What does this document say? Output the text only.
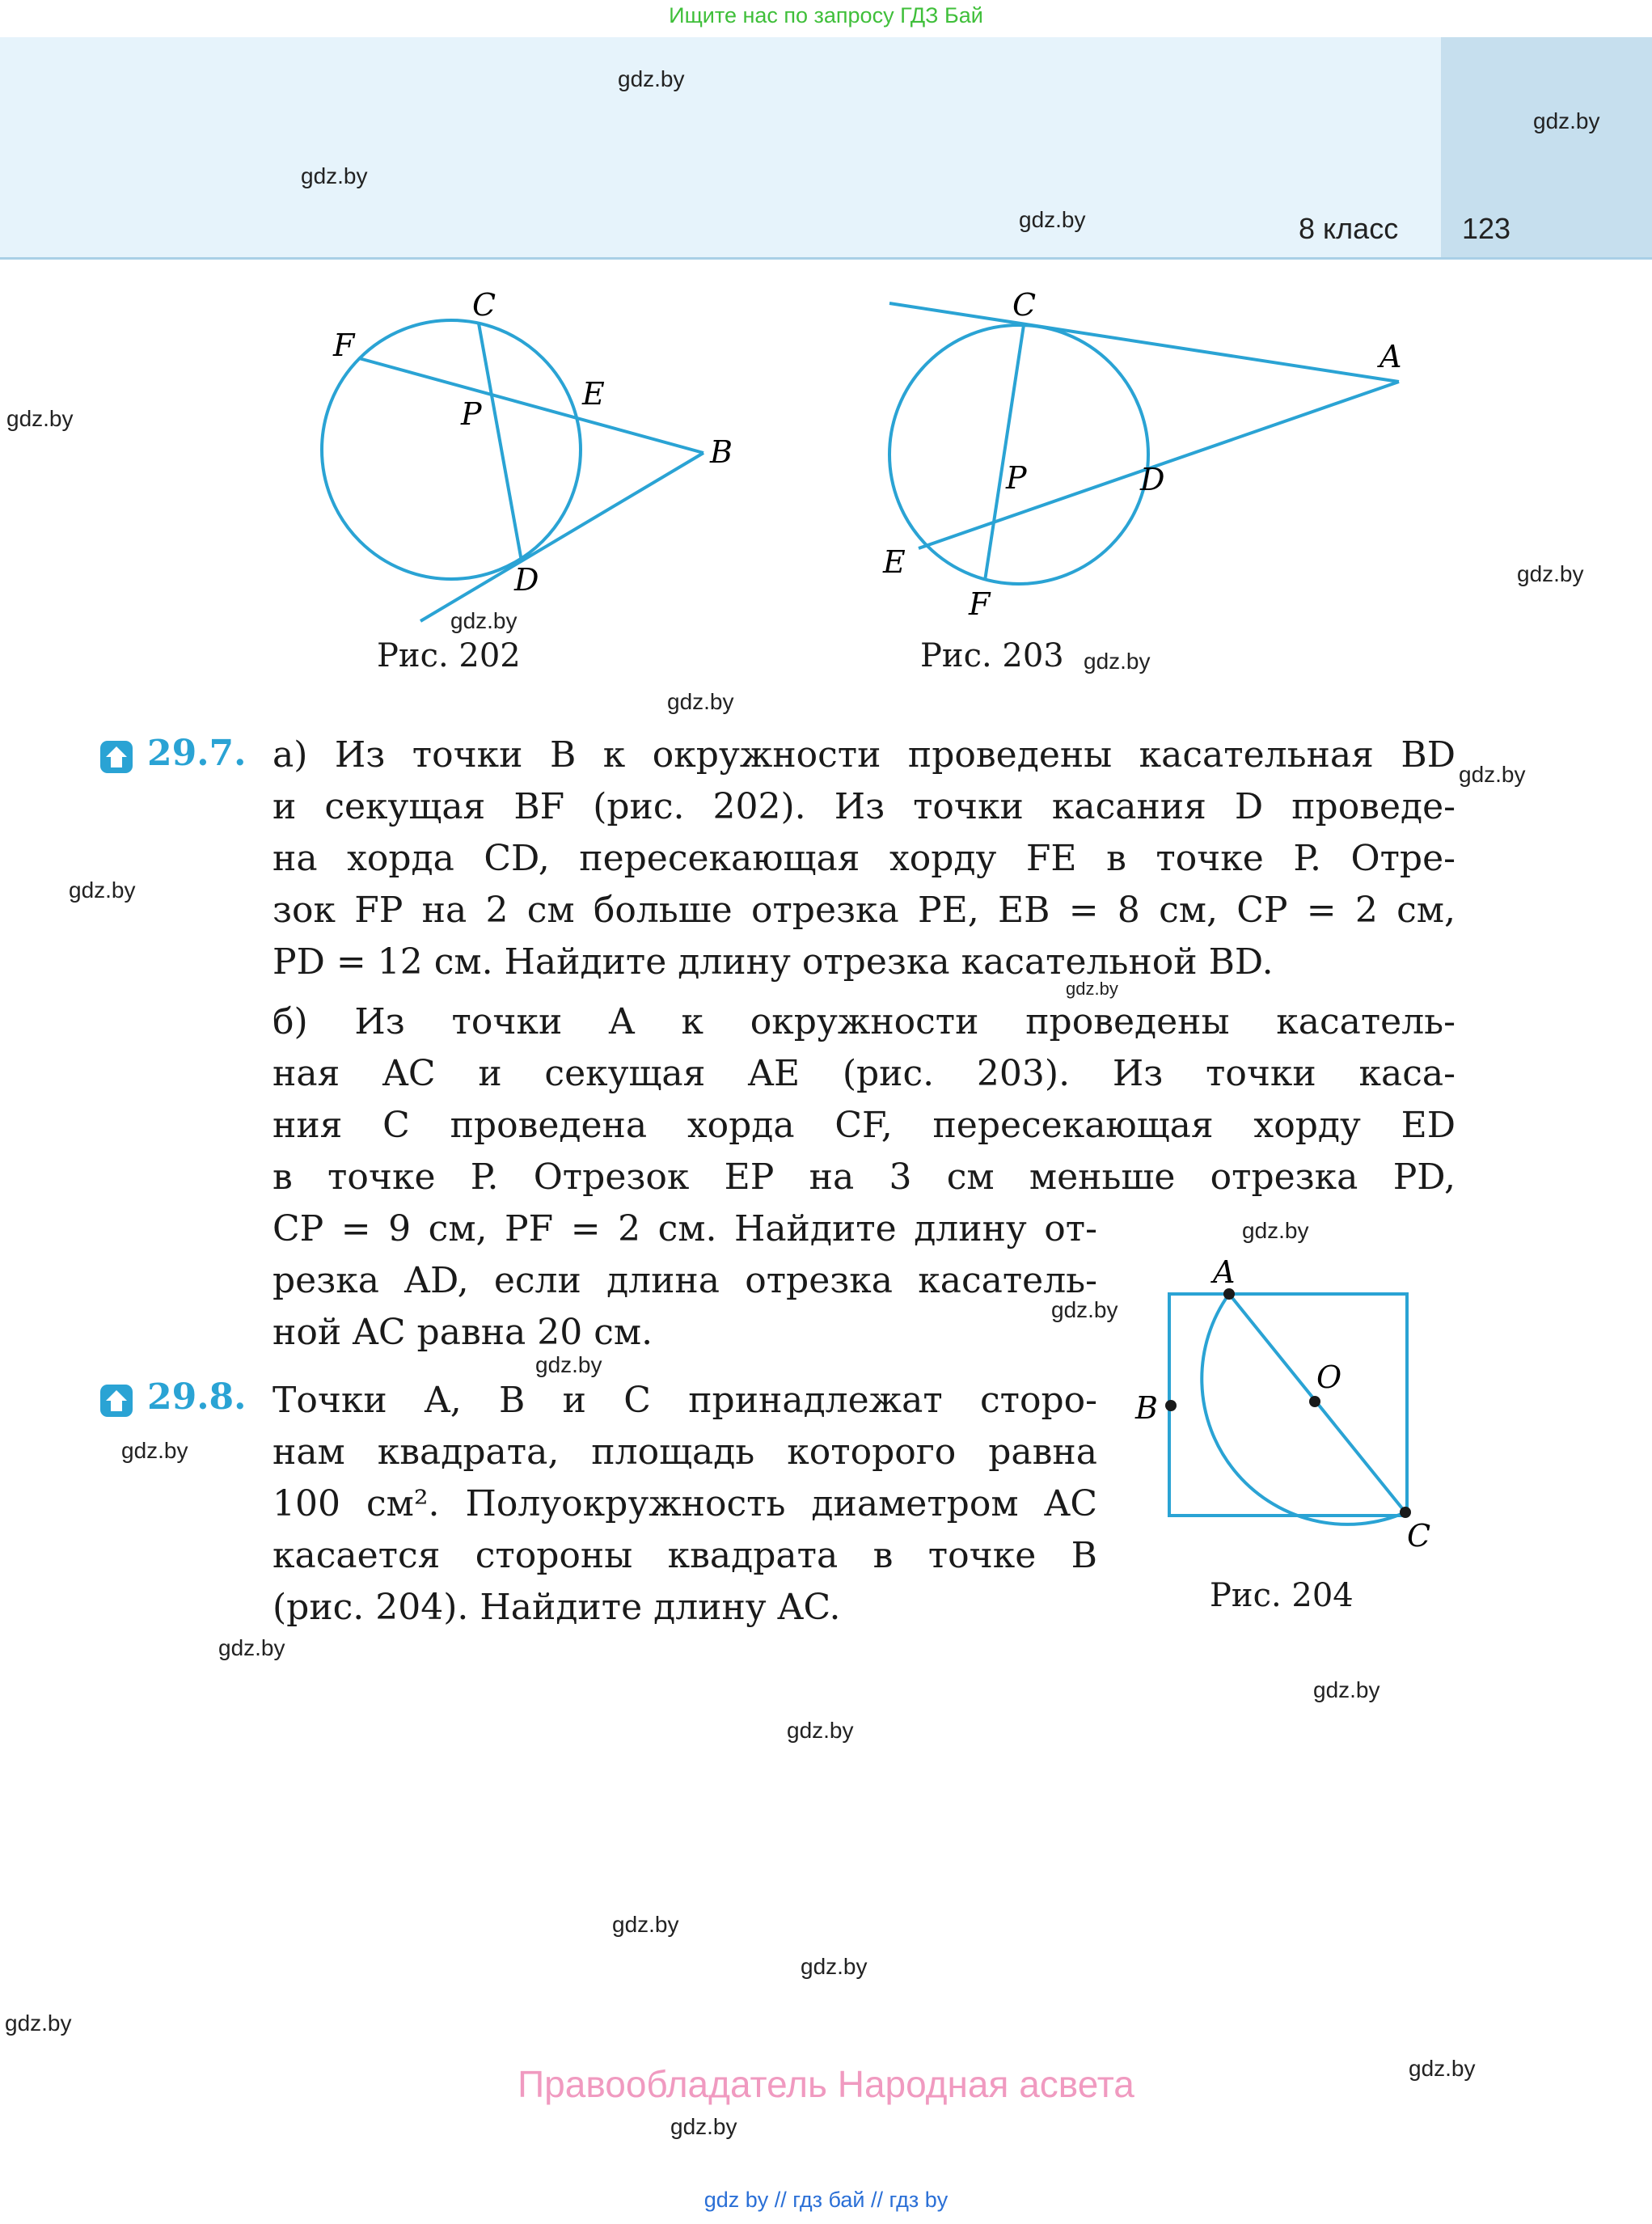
Ищите нас по запросу ГДЗ Бай
8 класс 123
gdz.by
gdz.by
gdz.by
gdz.by
gdz.by
gdz.by
gdz.by
gdz.by
gdz.by
gdz.by
gdz.by
gdz.by
gdz.by
gdz.by
gdz.by
gdz.by
gdz.by
gdz.by
gdz.by
gdz.by
gdz.by
gdz.by
gdz.by
gdz.by
F
C
E
P
B
D
Рис. 202
C
A
P	D
E
F
Рис. 203
29.7. а) Из точки B к окружности проведены касательная BD
и секущая BF (рис. 202). Из точки касания D проведе-
на хорда CD, пересекающая хорду FE в точке P. Отре-
зок FP на 2 см больше отрезка PE, EB = 8 см, CP = 2 см,
PD = 12 см. Найдите длину отрезка касательной BD.
б) Из точки A к окружности проведены касатель-
ная AC и секущая AE (рис. 203). Из точки каса-
ния C проведена хорда CF, пересекающая хорду ED
в точке P. Отрезок EP на 3 см меньше отрезка PD,
CP = 9 см, PF = 2 см. Найдите длину от-
резка AD, если длина отрезка касатель-
ной AC равна 20 см.
29.8. Точки A, B и C принадлежат сторо-
нам квадрата, площадь которого равна
100 см². Полуокружность диаметром AC
касается стороны квадрата в точке B
(рис. 204). Найдите длину AC.
A
O
B
C
Рис. 204
Правообладатель Народная асвета
gdz by // гдз бай // гдз by
